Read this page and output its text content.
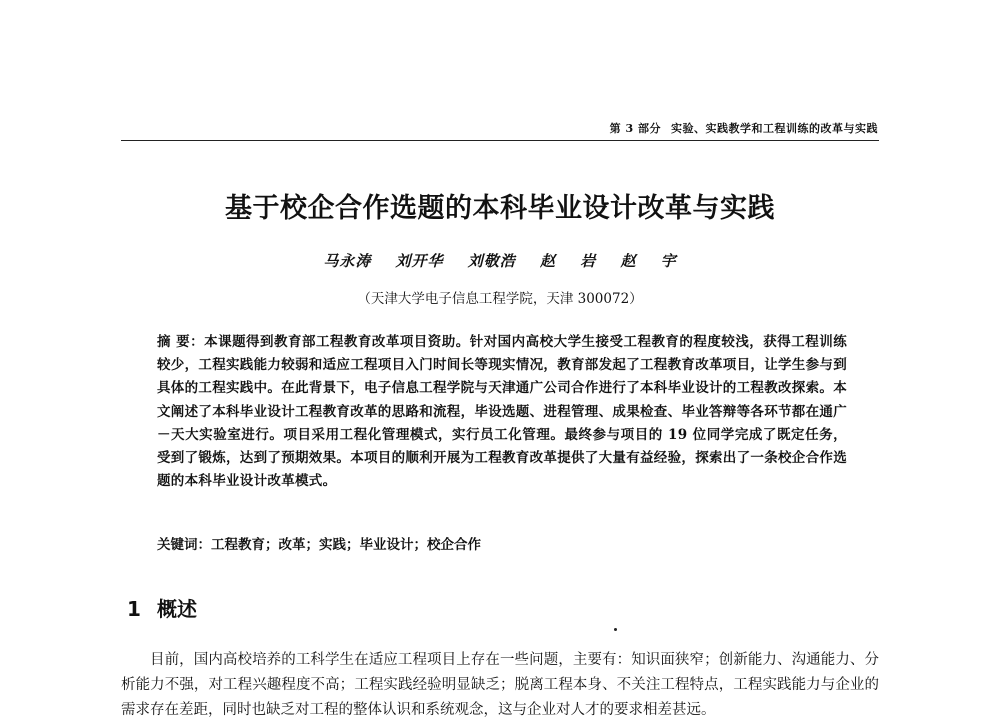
第 3 部分 实验、实践教学和工程训练的改革与实践
基于校企合作选题的本科毕业设计改革与实践
马永涛 刘开华 刘敬浩 赵 岩 赵 宇
（天津大学电子信息工程学院，天津 300072）
摘 要：本课题得到教育部工程教育改革项目资助。针对国内高校大学生接受工程教育的程度较浅，获得工程训练较少，工程实践能力较弱和适应工程项目入门时间长等现实情况，教育部发起了工程教育改革项目，让学生参与到具体的工程实践中。在此背景下，电子信息工程学院与天津通广公司合作进行了本科毕业设计的工程教改探索。本文阐述了本科毕业设计工程教育改革的思路和流程，毕设选题、进程管理、成果检查、毕业答辩等各环节都在通广－天大实验室进行。项目采用工程化管理模式，实行员工化管理。最终参与项目的 19 位同学完成了既定任务，受到了锻炼，达到了预期效果。本项目的顺利开展为工程教育改革提供了大量有益经验，探索出了一条校企合作选题的本科毕业设计改革模式。
关键词：工程教育；改革；实践；毕业设计；校企合作
1 概述

目前，国内高校培养的工科学生在适应工程项目上存在一些问题，主要有：知识面狭窄；创新能力、沟通能力、分析能力不强，对工程兴趣程度不高；工程实践经验明显缺乏；脱离工程本身、不关注工程特点，工程实践能力与企业的需求存在差距，同时也缺乏对工程的整体认识和系统观念，这与企业对人才的要求相差甚远。
